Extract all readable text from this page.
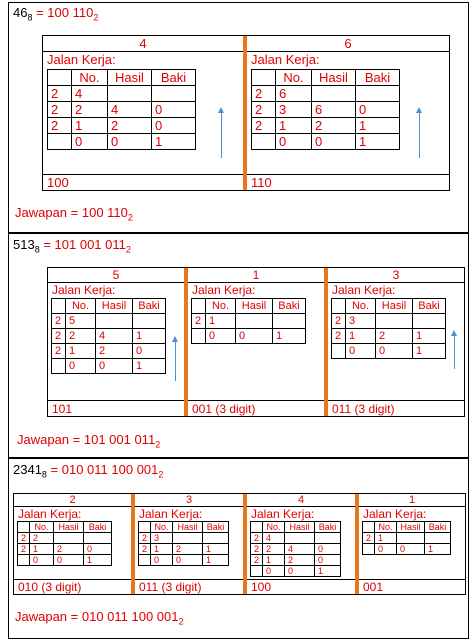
$46_8 = 100$ $110_2$
4
Jalan Kerja:
	No.	Hasil	Baki
2	4		
2	2	4	0
2	1	2	0
	0	0	1
100
6
Jalan Kerja:
	No.	Hasil	Baki
2	6		
2	3	6	0
2	1	2	1
	0	0	1
110
Jawapan = 100 $110_2$
$513_8 = 101$ 001 $011_2$
5
Jalan Kerja:
	No.	Hasil	Baki
2	5		
2	2	4	1
2	1	2	0
	0	0	1
101
1
Jalan Kerja:
	No.	Hasil	Baki
2	1		
	0	0	1
001 (3 digit)
3
Jalan Kerja:
	No.	Hasil	Baki
2	3		
2	1	2	1
	0	0	1
011 (3 digit)
Jawapan = 101 001 $011_2$
$2341_8 = 010$ 011 100 $001_2$
2
Jalan Kerja:
	No.	Hasil	Baki
2	2		
2	1	2	0
	0	0	1
010 (3 digit)
3
Jalan Kerja:
	No.	Hasil	Baki
2	3		
2	1	2	1
	0	0	1
011 (3 digit)
4
Jalan Kerja:
	No.	Hasil	Baki
2	4		
2	2	4	0
2	1	2	0
	0	0	1
100
1
Jalan Kerja:
	No.	Hasil	Baki
2	1		
	0	0	1
001
Jawapan = 010 011 100 $001_2$
